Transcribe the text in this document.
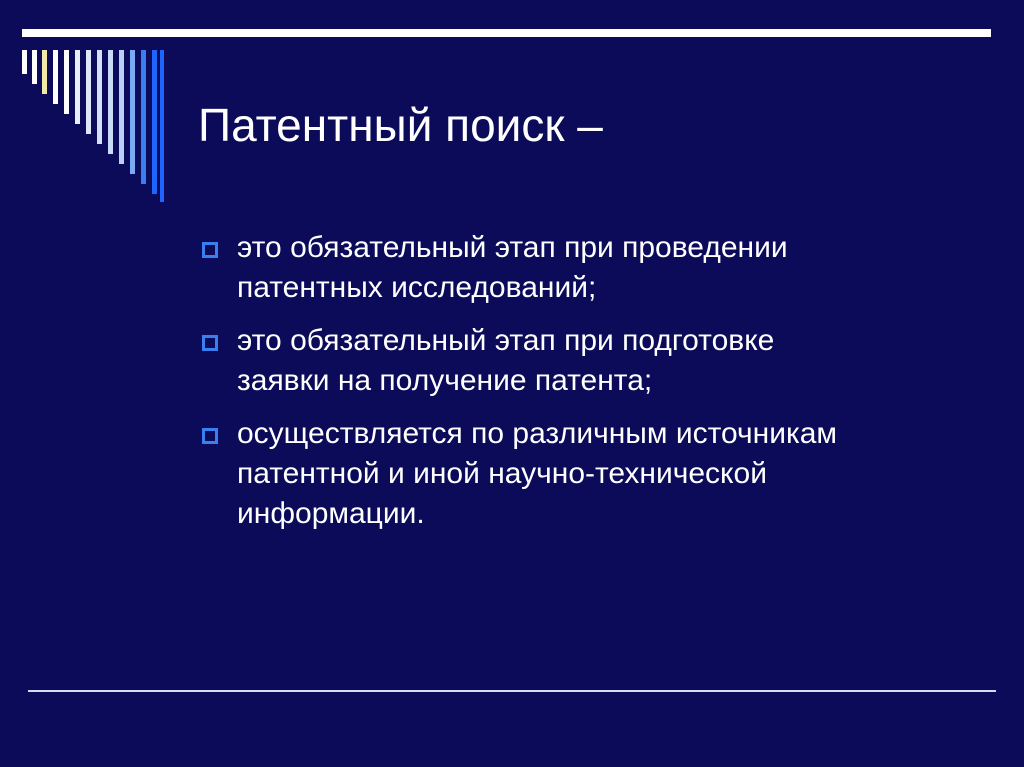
Патентный поиск –
это обязательный этап при проведении
патентных исследований;
это обязательный этап при подготовке
заявки на получение патента;
осуществляется по различным источникам
патентной и иной научно-технической
информации.
